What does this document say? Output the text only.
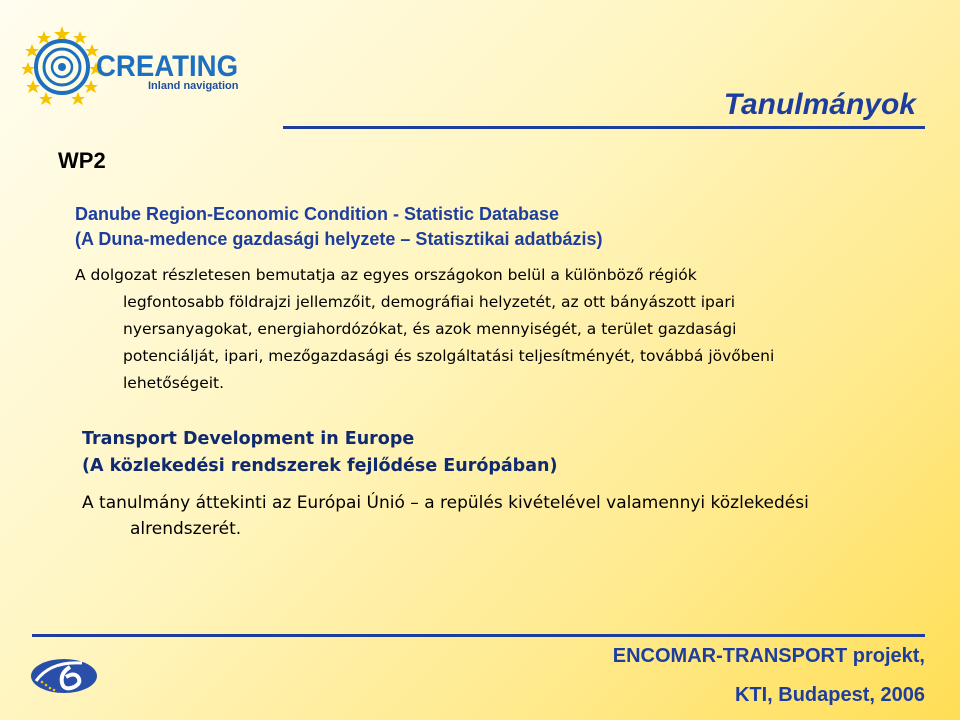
CREATING
Inland navigation
Tanulmányok
WP2
Danube Region-Economic Condition - Statistic Database
(A Duna-medence gazdasági helyzete – Statisztikai adatbázis)
A dolgozat részletesen bemutatja az egyes országokon belül a különböző régiók
legfontosabb földrajzi jellemzőit, demográfiai helyzetét, az ott bányászott ipari
nyersanyagokat, energiahordózókat, és azok mennyiségét, a terület gazdasági
potenciálját, ipari, mezőgazdasági és szolgáltatási teljesítményét, továbbá jövőbeni
lehetőségeit.
Transport Development in Europe
(A közlekedési rendszerek fejlődése Európában)
A tanulmány áttekinti az Európai Únió – a repülés kivételével valamennyi közlekedési
alrendszerét.
ENCOMAR-TRANSPORT projekt,
KTI, Budapest, 2006
